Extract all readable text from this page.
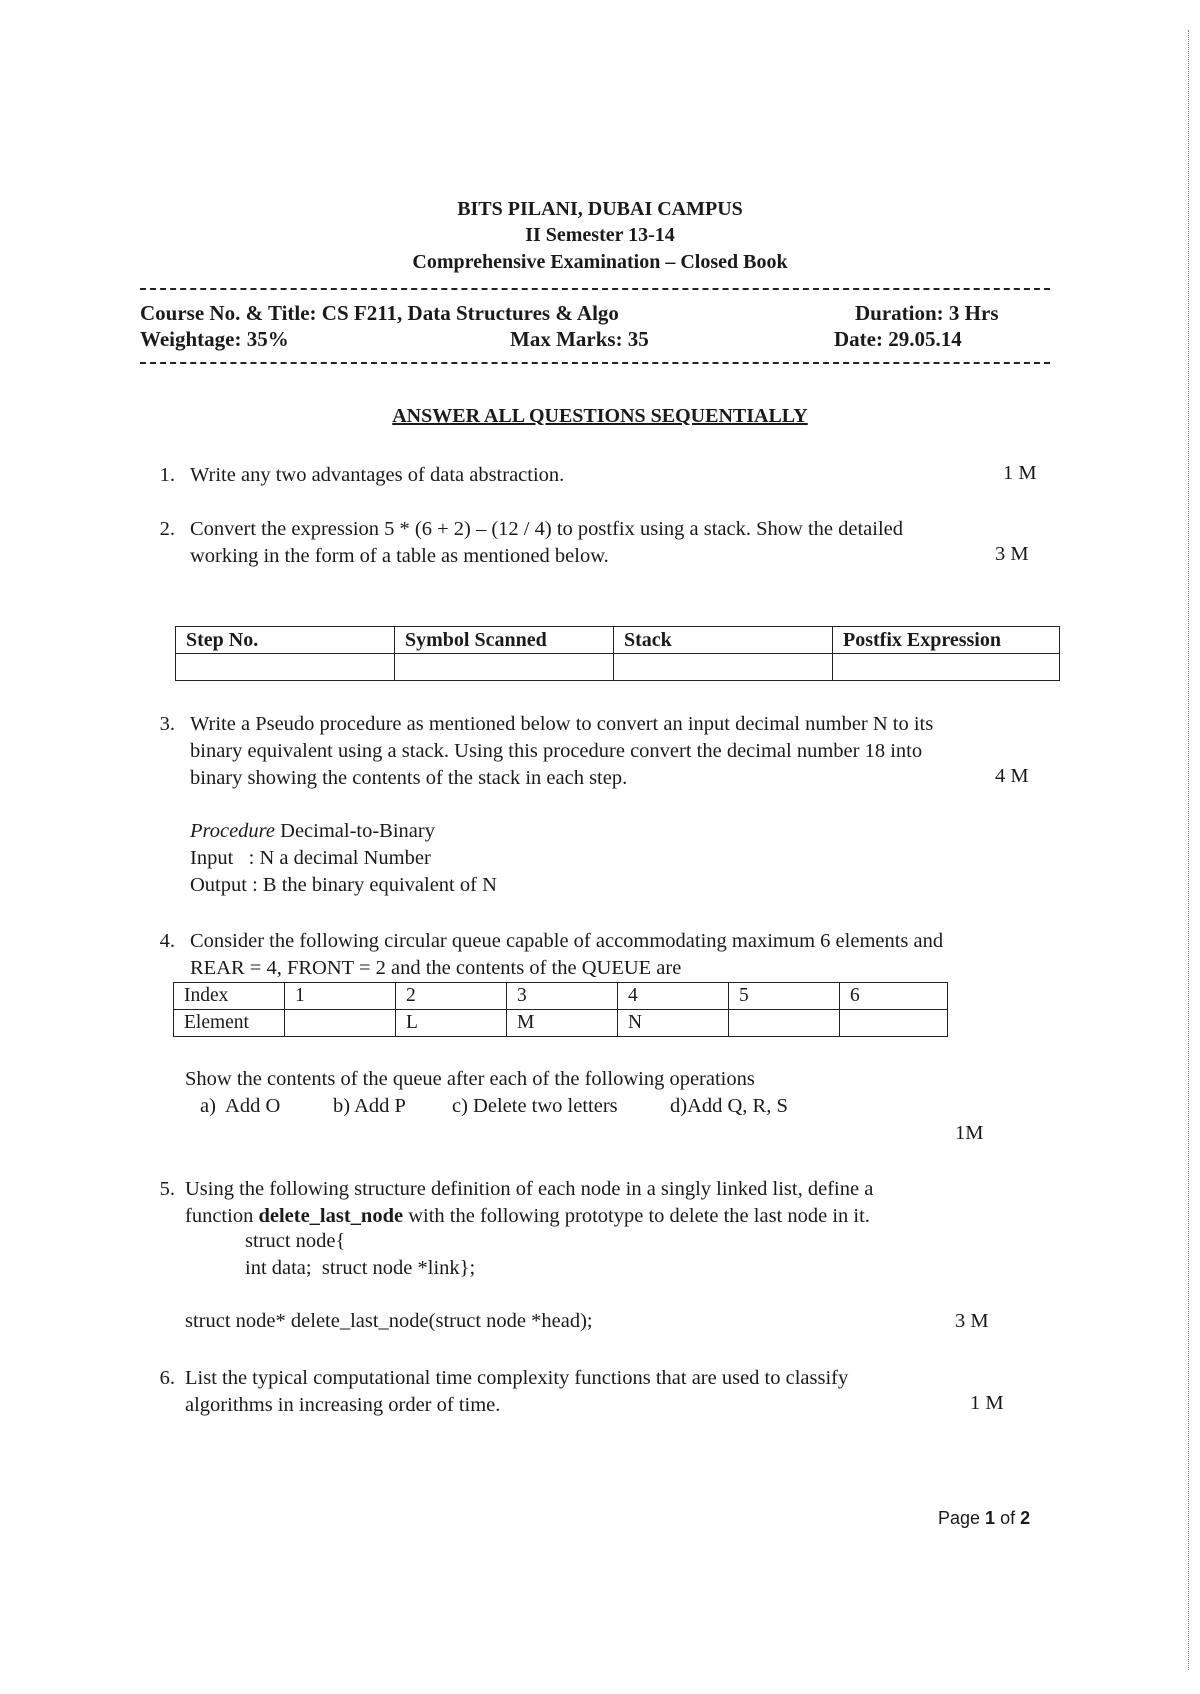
BITS PILANI, DUBAI CAMPUS
II Semester 13-14
Comprehensive Examination – Closed Book
Course No. & Title: CS F211, Data Structures & Algo	Duration: 3 Hrs
Weightage: 35%	Max Marks: 35	Date: 29.05.14
ANSWER ALL QUESTIONS SEQUENTIALLY
1. Write any two advantages of data abstraction.	1 M
2. Convert the expression 5 * (6 + 2) – (12 / 4) to postfix using a stack. Show the detailed
working in the form of a table as mentioned below.	3 M
Step No.	Symbol Scanned	Stack	Postfix Expression

3. Write a Pseudo procedure as mentioned below to convert an input decimal number N to its
binary equivalent using a stack. Using this procedure convert the decimal number 18 into
binary showing the contents of the stack in each step.	4 M
Procedure Decimal-to-Binary
Input   : N a decimal Number
Output : B the binary equivalent of N
4. Consider the following circular queue capable of accommodating maximum 6 elements and
REAR = 4, FRONT = 2 and the contents of the QUEUE are
Index	1	2	3	4	5	6
Element		L	M	N		
Show the contents of the queue after each of the following operations
a)  Add O	b) Add P c) Delete two letters	d)Add Q, R, S
1M
5. Using the following structure definition of each node in a singly linked list, define a
function delete_last_node with the following prototype to delete the last node in it.
struct node{
int data;  struct node *link};
struct node* delete_last_node(struct node *head);	3 M
6. List the typical computational time complexity functions that are used to classify
algorithms in increasing order of time.	1 M
Page 1 of 2
